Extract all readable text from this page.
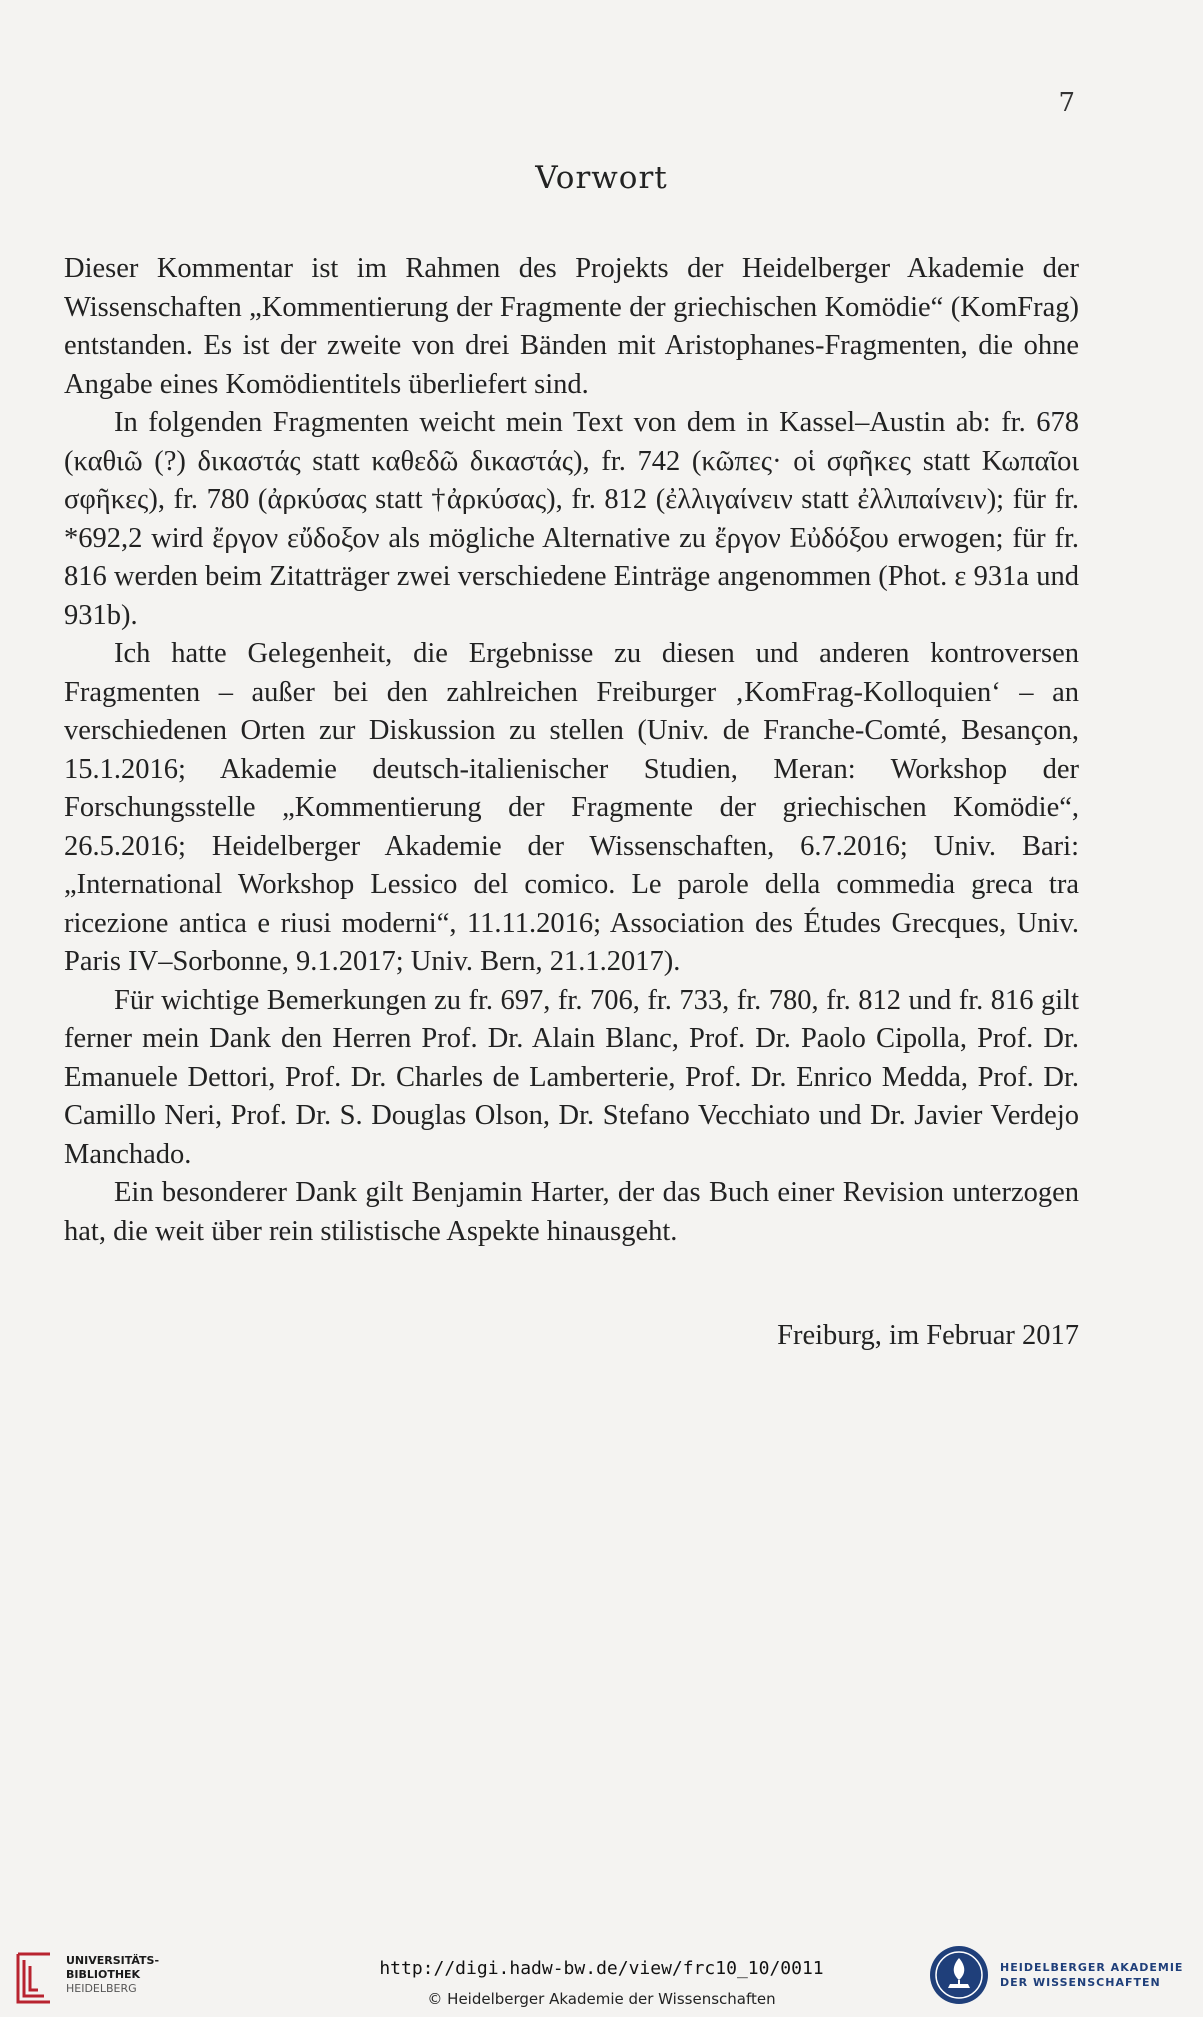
7
Vorwort

Dieser Kommentar ist im Rahmen des Projekts der Heidelberger Akademie der Wissenschaften „Kommentierung der Fragmente der griechischen Komödie“ (KomFrag) entstanden. Es ist der zweite von drei Bänden mit Aristophanes-Fragmenten, die ohne Angabe eines Komödientitels überliefert sind.

In folgenden Fragmenten weicht mein Text von dem in Kassel–Austin ab: fr. 678 (καθιῶ (?) δικαστάς statt καθεδῶ δικαστάς), fr. 742 (κῶπες· οἱ σφῆκες statt Κωπαῖοι σφῆκες), fr. 780 (ἀρκύσας statt †ἀρκύσας), fr. 812 (ἐλλιγαίνειν statt ἐλλιπαίνειν); für fr. *692,2 wird ἔργον εὔδοξον als mögliche Alternative zu ἔργον Εὐδόξου erwogen; für fr. 816 werden beim Zitatträger zwei verschiedene Einträge angenommen (Phot. ε 931a und 931b).

Ich hatte Gelegenheit, die Ergebnisse zu diesen und anderen kontroversen Fragmenten – außer bei den zahlreichen Freiburger ‚KomFrag-Kolloquien‘ – an verschiedenen Orten zur Diskussion zu stellen (Univ. de Franche-Comté, Besançon, 15.1.2016; Akademie deutsch-italienischer Studien, Meran: Workshop der Forschungsstelle „Kommentierung der Fragmente der griechischen Komödie“, 26.5.2016; Heidelberger Akademie der Wissenschaften, 6.7.2016; Univ. Bari: „International Workshop Lessico del comico. Le parole della commedia greca tra ricezione antica e riusi moderni“, 11.11.2016; Association des Études Grecques, Univ. Paris IV–Sorbonne, 9.1.2017; Univ. Bern, 21.1.2017).

Für wichtige Bemerkungen zu fr. 697, fr. 706, fr. 733, fr. 780, fr. 812 und fr. 816 gilt ferner mein Dank den Herren Prof. Dr. Alain Blanc, Prof. Dr. Paolo Cipolla, Prof. Dr. Emanuele Dettori, Prof. Dr. Charles de Lamberterie, Prof. Dr. Enrico Medda, Prof. Dr. Camillo Neri, Prof. Dr. S. Douglas Olson, Dr. Stefano Vecchiato und Dr. Javier Verdejo Manchado.

Ein besonderer Dank gilt Benjamin Harter, der das Buch einer Revision unterzogen hat, die weit über rein stilistische Aspekte hinausgeht.

Freiburg, im Februar 2017
UNIVERSITÄTS-
BIBLIOTHEK
HEIDELBERG
http://digi.hadw-bw.de/view/frc10_10/0011
© Heidelberger Akademie der Wissenschaften
HEIDELBERGER AKADEMIE
DER WISSENSCHAFTEN
